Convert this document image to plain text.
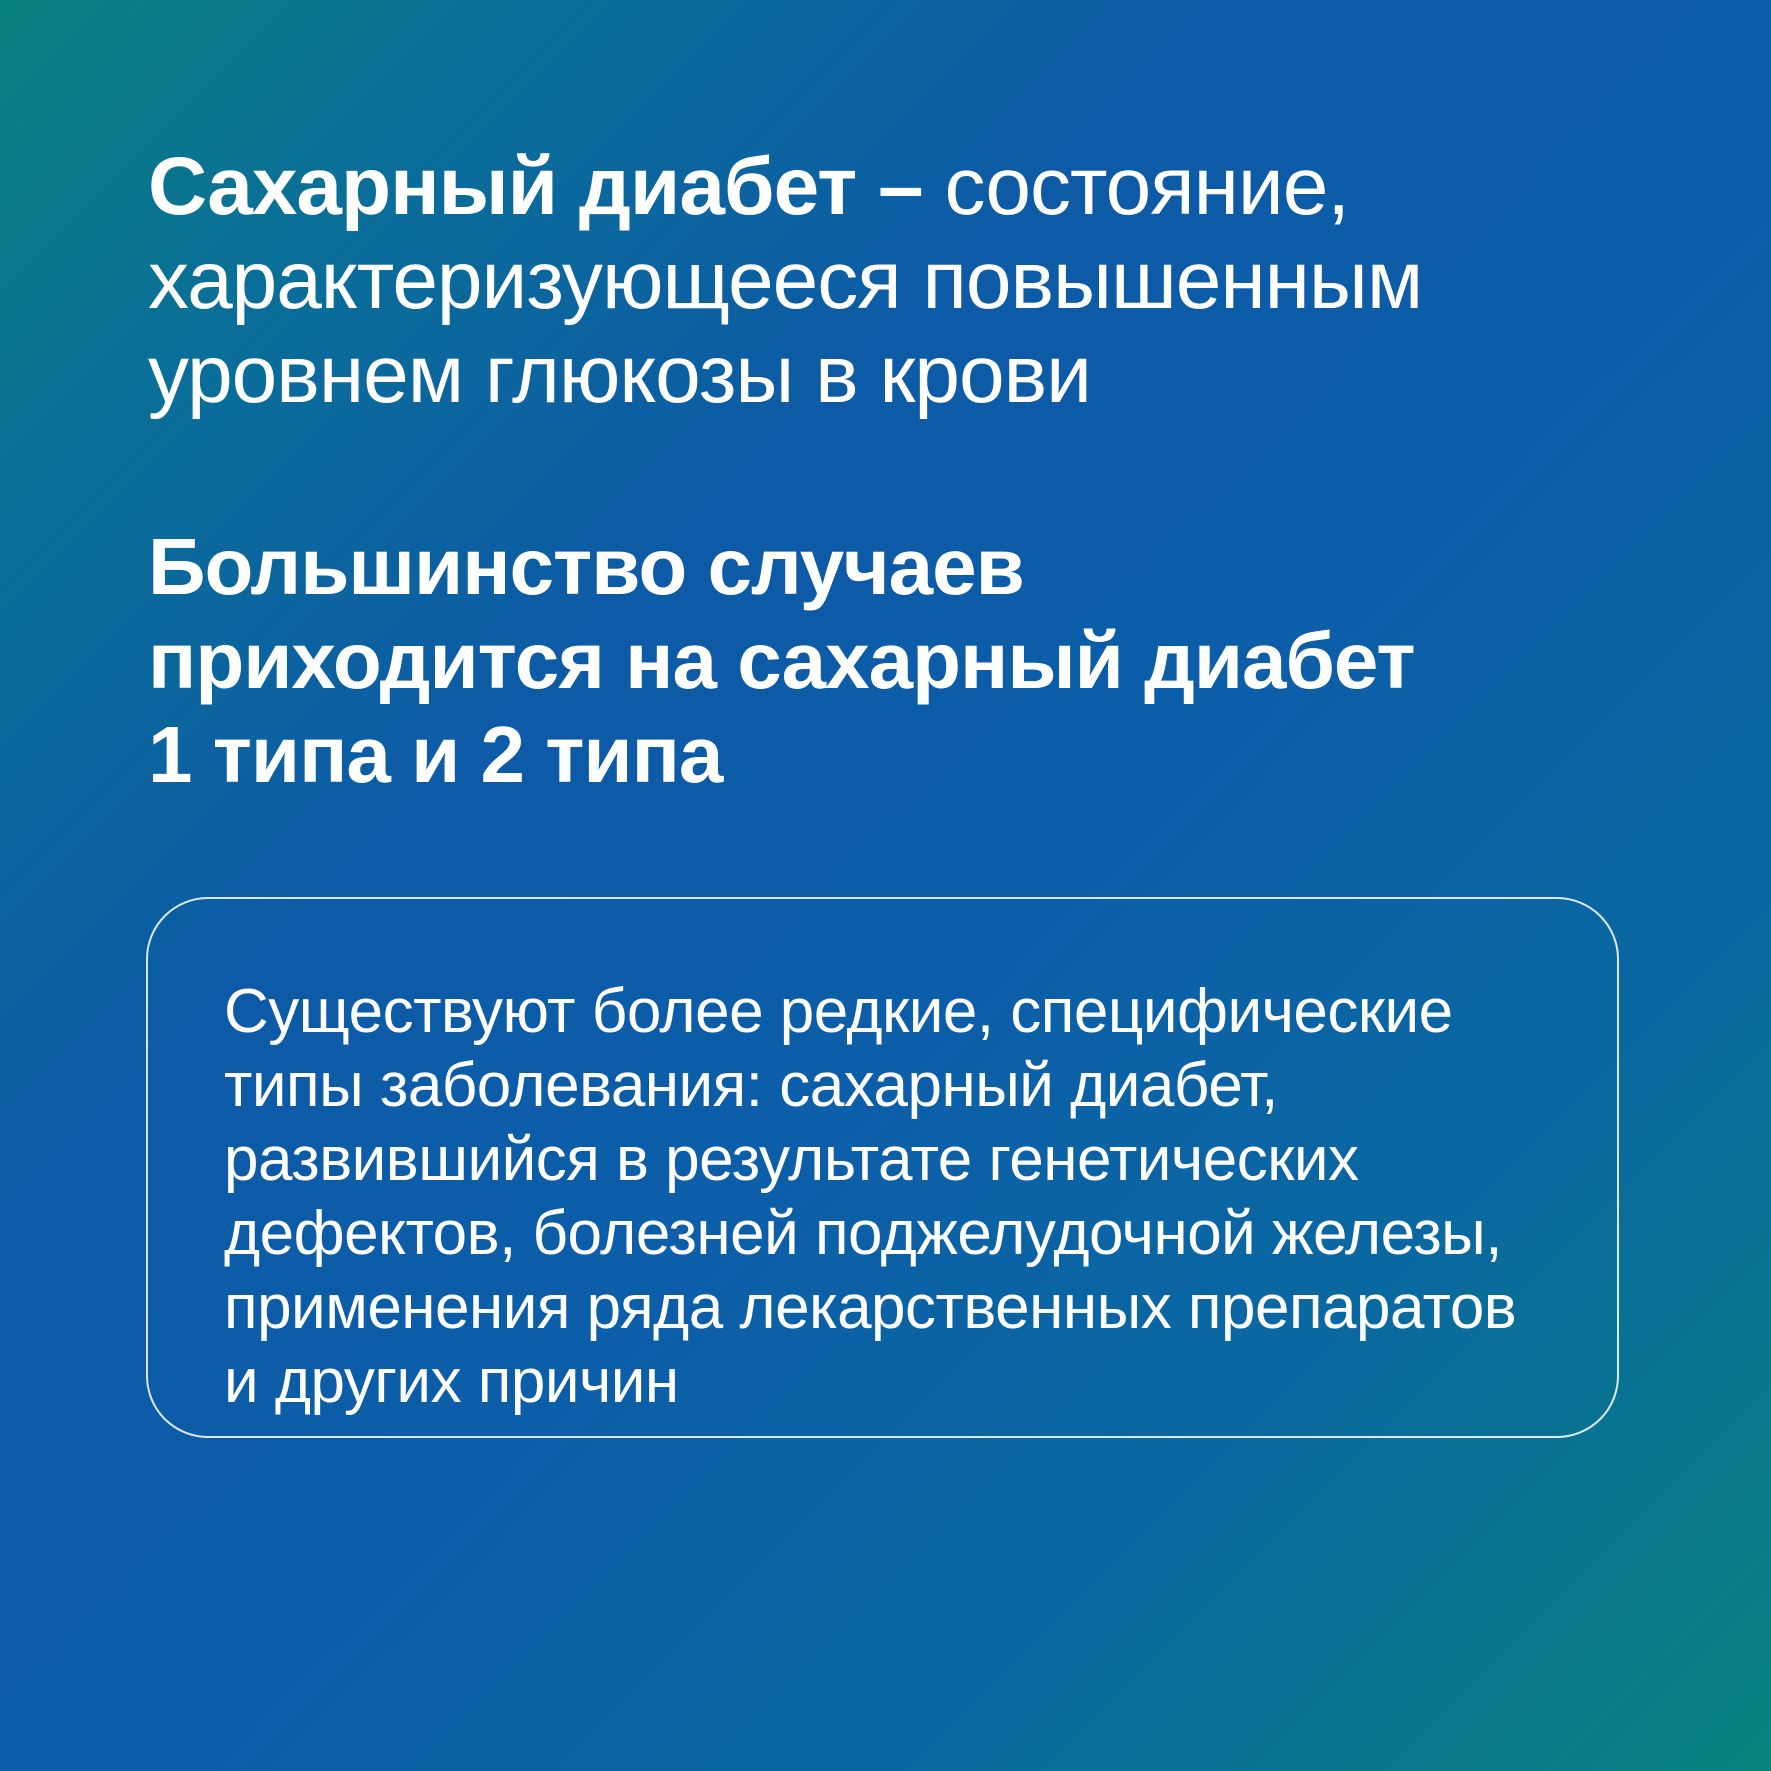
Сахарный диабет – состояние, характеризующееся повышенным уровнем глюкозы в крови
Большинство случаев приходится на сахарный диабет 1 типа и 2 типа
Существуют более редкие, специфические типы заболевания: сахарный диабет, развившийся в результате генетических дефектов, болезней поджелудочной железы, применения ряда лекарственных препаратов и других причин
